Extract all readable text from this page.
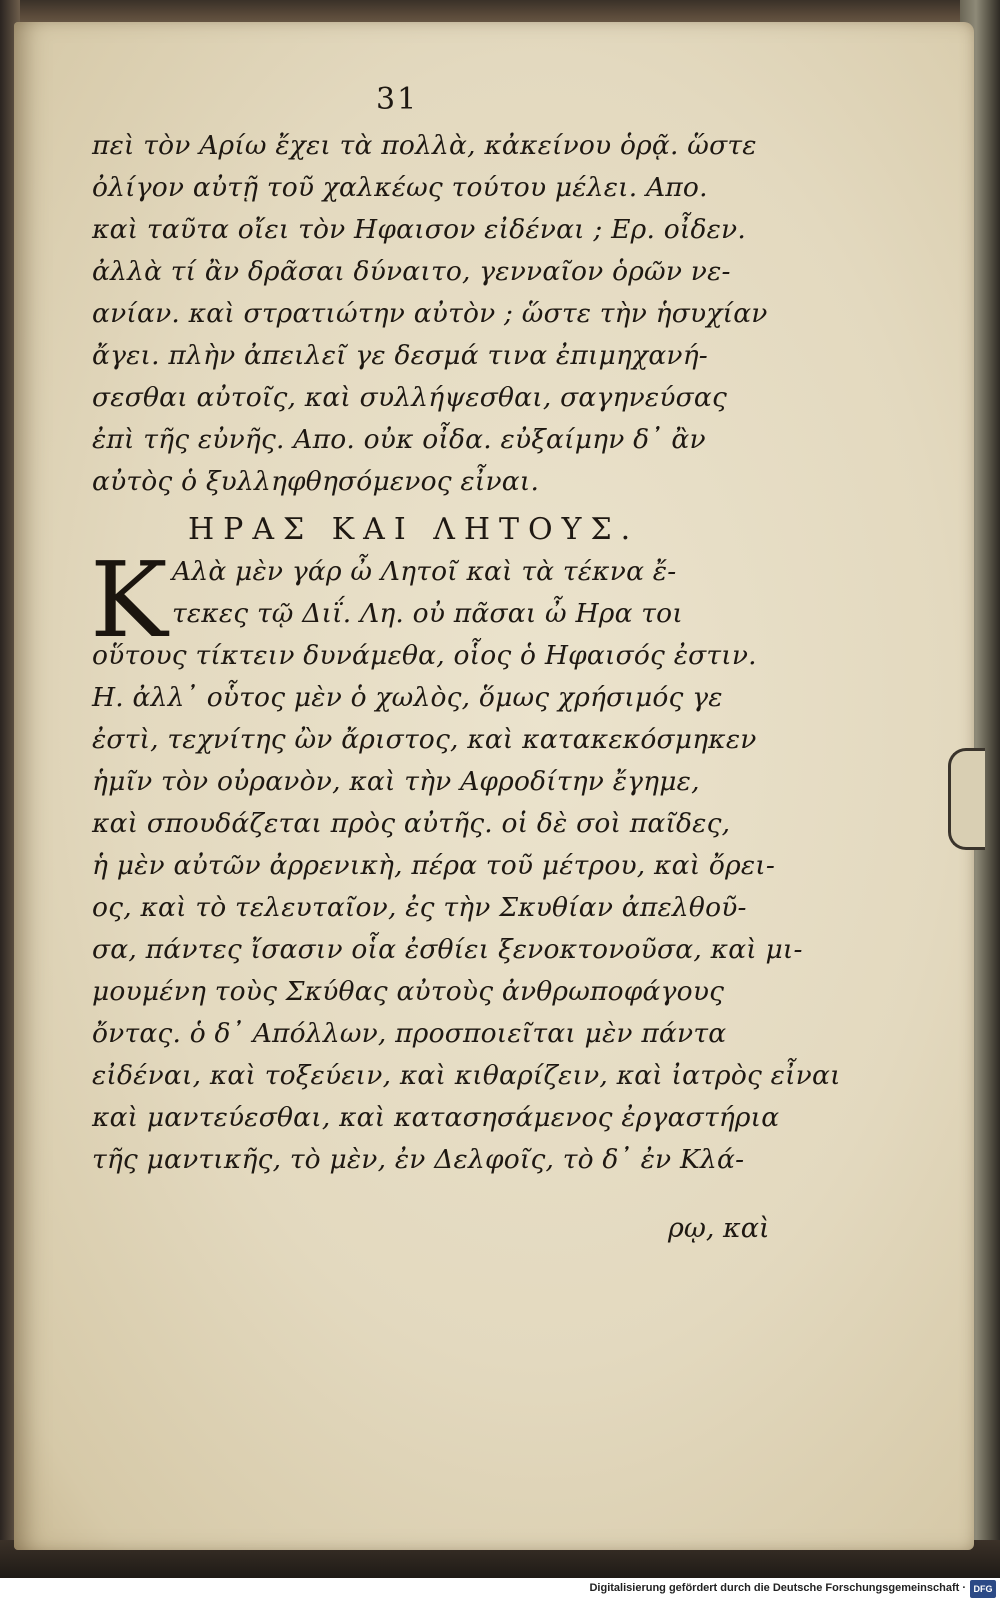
31
πεὶ τὸν Αρίω ἔχει τὰ πολλὰ, κἀκείνου ὁρᾷ. ὥστε
ὀλίγον αὐτῇ τοῦ χαλκέως τούτου μέλει. Απο.
καὶ ταῦτα οἴει τὸν Ηφαισον εἰδέναι ; Ερ. οἶδεν.
ἀλλὰ τί ἂν δρᾶσαι δύναιτο, γενναῖον ὁρῶν νε-
ανίαν. καὶ στρατιώτην αὐτὸν ; ὥστε τὴν ἡσυχίαν
ἄγει. πλὴν ἀπειλεῖ γε δεσμά τινα ἐπιμηχανή-
σεσθαι αὐτοῖς, καὶ συλλήψεσθαι, σαγηνεύσας
ἐπὶ τῆς εὐνῆς. Απο. οὐκ οἶδα. εὐξαίμην δ᾽ ἂν
αὐτὸς ὁ ξυλληφθησόμενος εἶναι.
ΗΡΑΣ ΚΑΙ ΛΗΤΟΥΣ.
Κ Αλὰ μὲν γάρ ὦ Λητοῖ καὶ τὰ τέκνα ἔ-
τεκες τῷ Διΐ. Λη. οὐ πᾶσαι ὦ Ηρα τοι
οὕτους τίκτειν δυνάμεθα, οἷος ὁ Ηφαισός ἐστιν.
Η. ἀλλ᾽ οὗτος μὲν ὁ χωλὸς, ὅμως χρήσιμός γε
ἐστὶ, τεχνίτης ὢν ἄριστος, καὶ κατακεκόσμηκεν
ἡμῖν τὸν οὐρανὸν, καὶ τὴν Αφροδίτην ἔγημε,
καὶ σπουδάζεται πρὸς αὐτῆς. οἱ δὲ σοὶ παῖδες,
ἡ μὲν αὐτῶν ἀρρενικὴ, πέρα τοῦ μέτρου, καὶ ὄρει-
ος, καὶ τὸ τελευταῖον, ἐς τὴν Σκυθίαν ἀπελθοῦ-
σα, πάντες ἴσασιν οἷα ἐσθίει ξενοκτονοῦσα, καὶ μι-
μουμένη τοὺς Σκύθας αὐτοὺς ἀνθρωποφάγους
ὄντας. ὁ δ᾽ Απόλλων, προσποιεῖται μὲν πάντα
εἰδέναι, καὶ τοξεύειν, καὶ κιθαρίζειν, καὶ ἰατρὸς εἶναι
καὶ μαντεύεσθαι, καὶ κατασησάμενος ἐργαστήρια
τῆς μαντικῆς, τὸ μὲν, ἐν Δελφοῖς, τὸ δ᾽ ἐν Κλά-
ρῳ, καὶ
Digitalisierung gefördert durch die Deutsche Forschungsgemeinschaft · DFG
